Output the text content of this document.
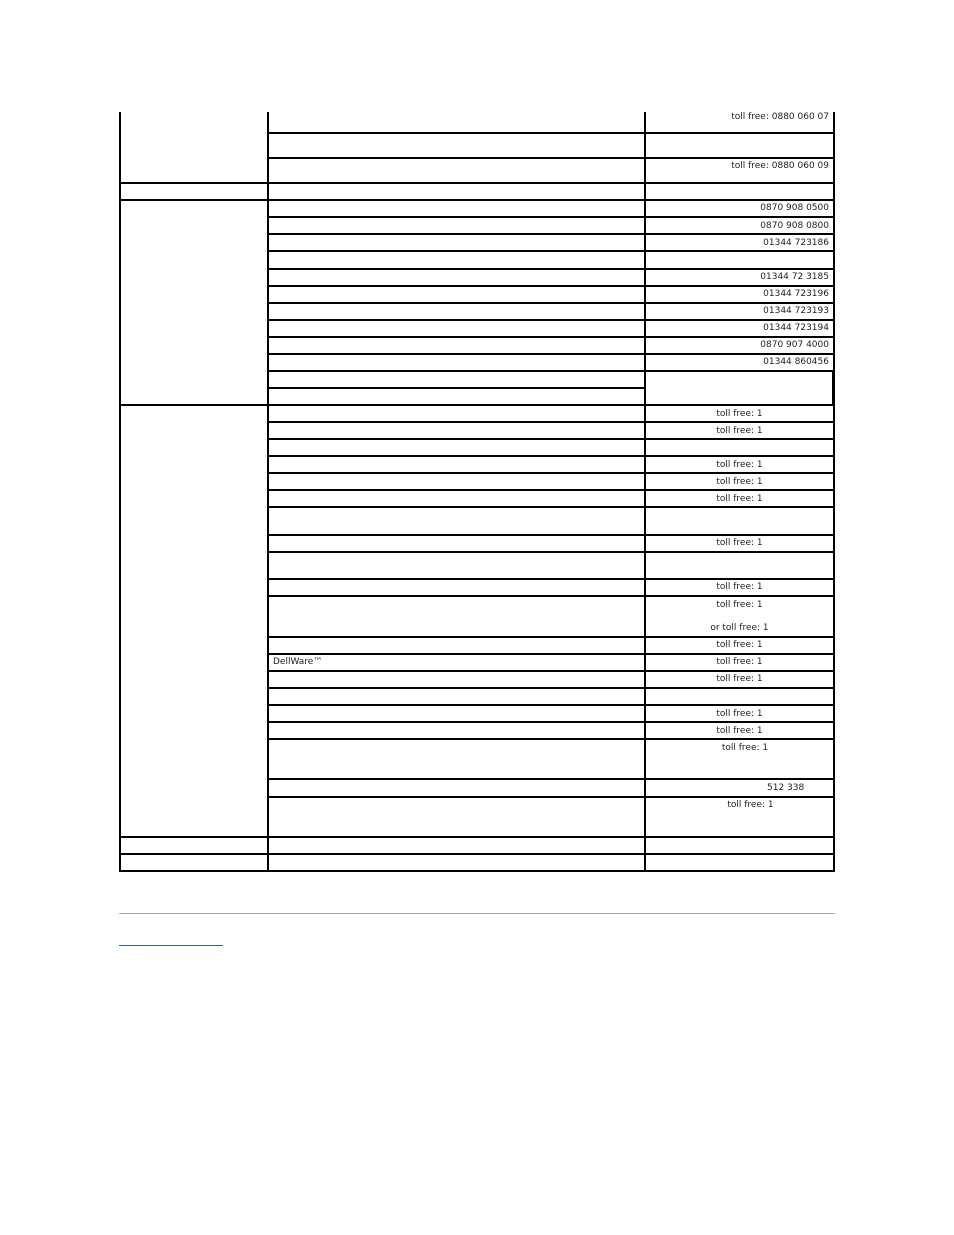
toll free: 0880 060 07
toll free: 0880 060 09
0870 908 0500
0870 908 0800
01344 723186
01344 72 3185
01344 723196
01344 723193
01344 723194
0870 907 4000
01344 860456
toll free: 1
toll free: 1
toll free: 1
toll free: 1
toll free: 1
toll free: 1
toll free: 1
toll free: 1
or toll free: 1
toll free: 1
DellWare™	toll free: 1
toll free: 1
toll free: 1
toll free: 1
toll free: 1
512 338
toll free: 1
